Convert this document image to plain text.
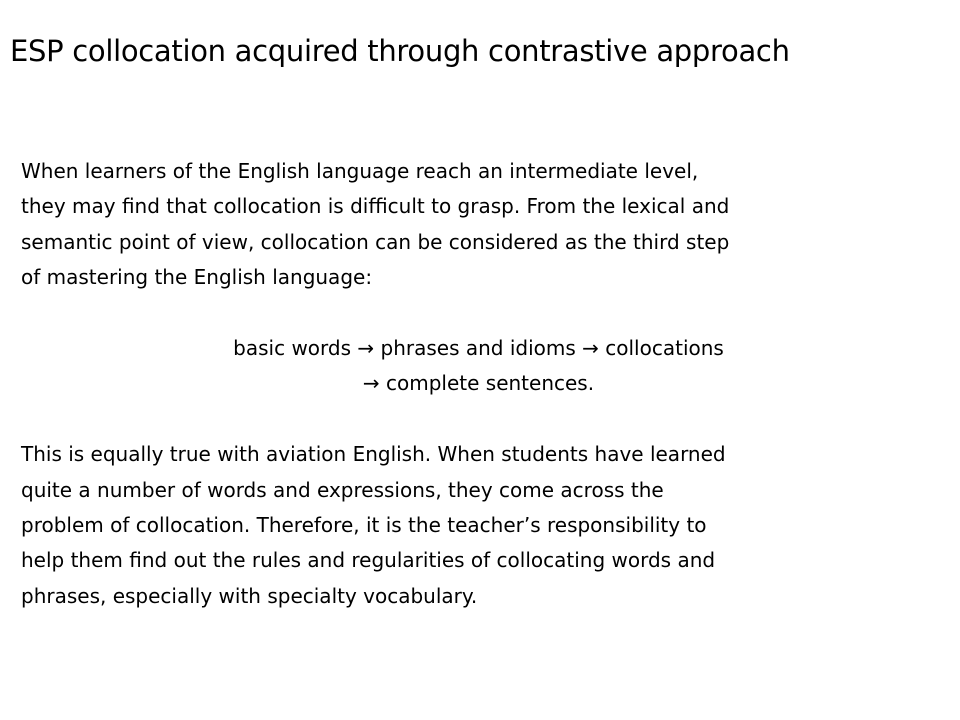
ESP collocation acquired through contrastive approach

When learners of the English language reach an intermediate level,
they may find that collocation is difficult to grasp. From the lexical and
semantic point of view, collocation can be considered as the third step
of mastering the English language:

basic words → phrases and idioms → collocations
→ complete sentences.

This is equally true with aviation English. When students have learned
quite a number of words and expressions, they come across the
problem of collocation. Therefore, it is the teacher’s responsibility to
help them find out the rules and regularities of collocating words and
phrases, especially with specialty vocabulary.
